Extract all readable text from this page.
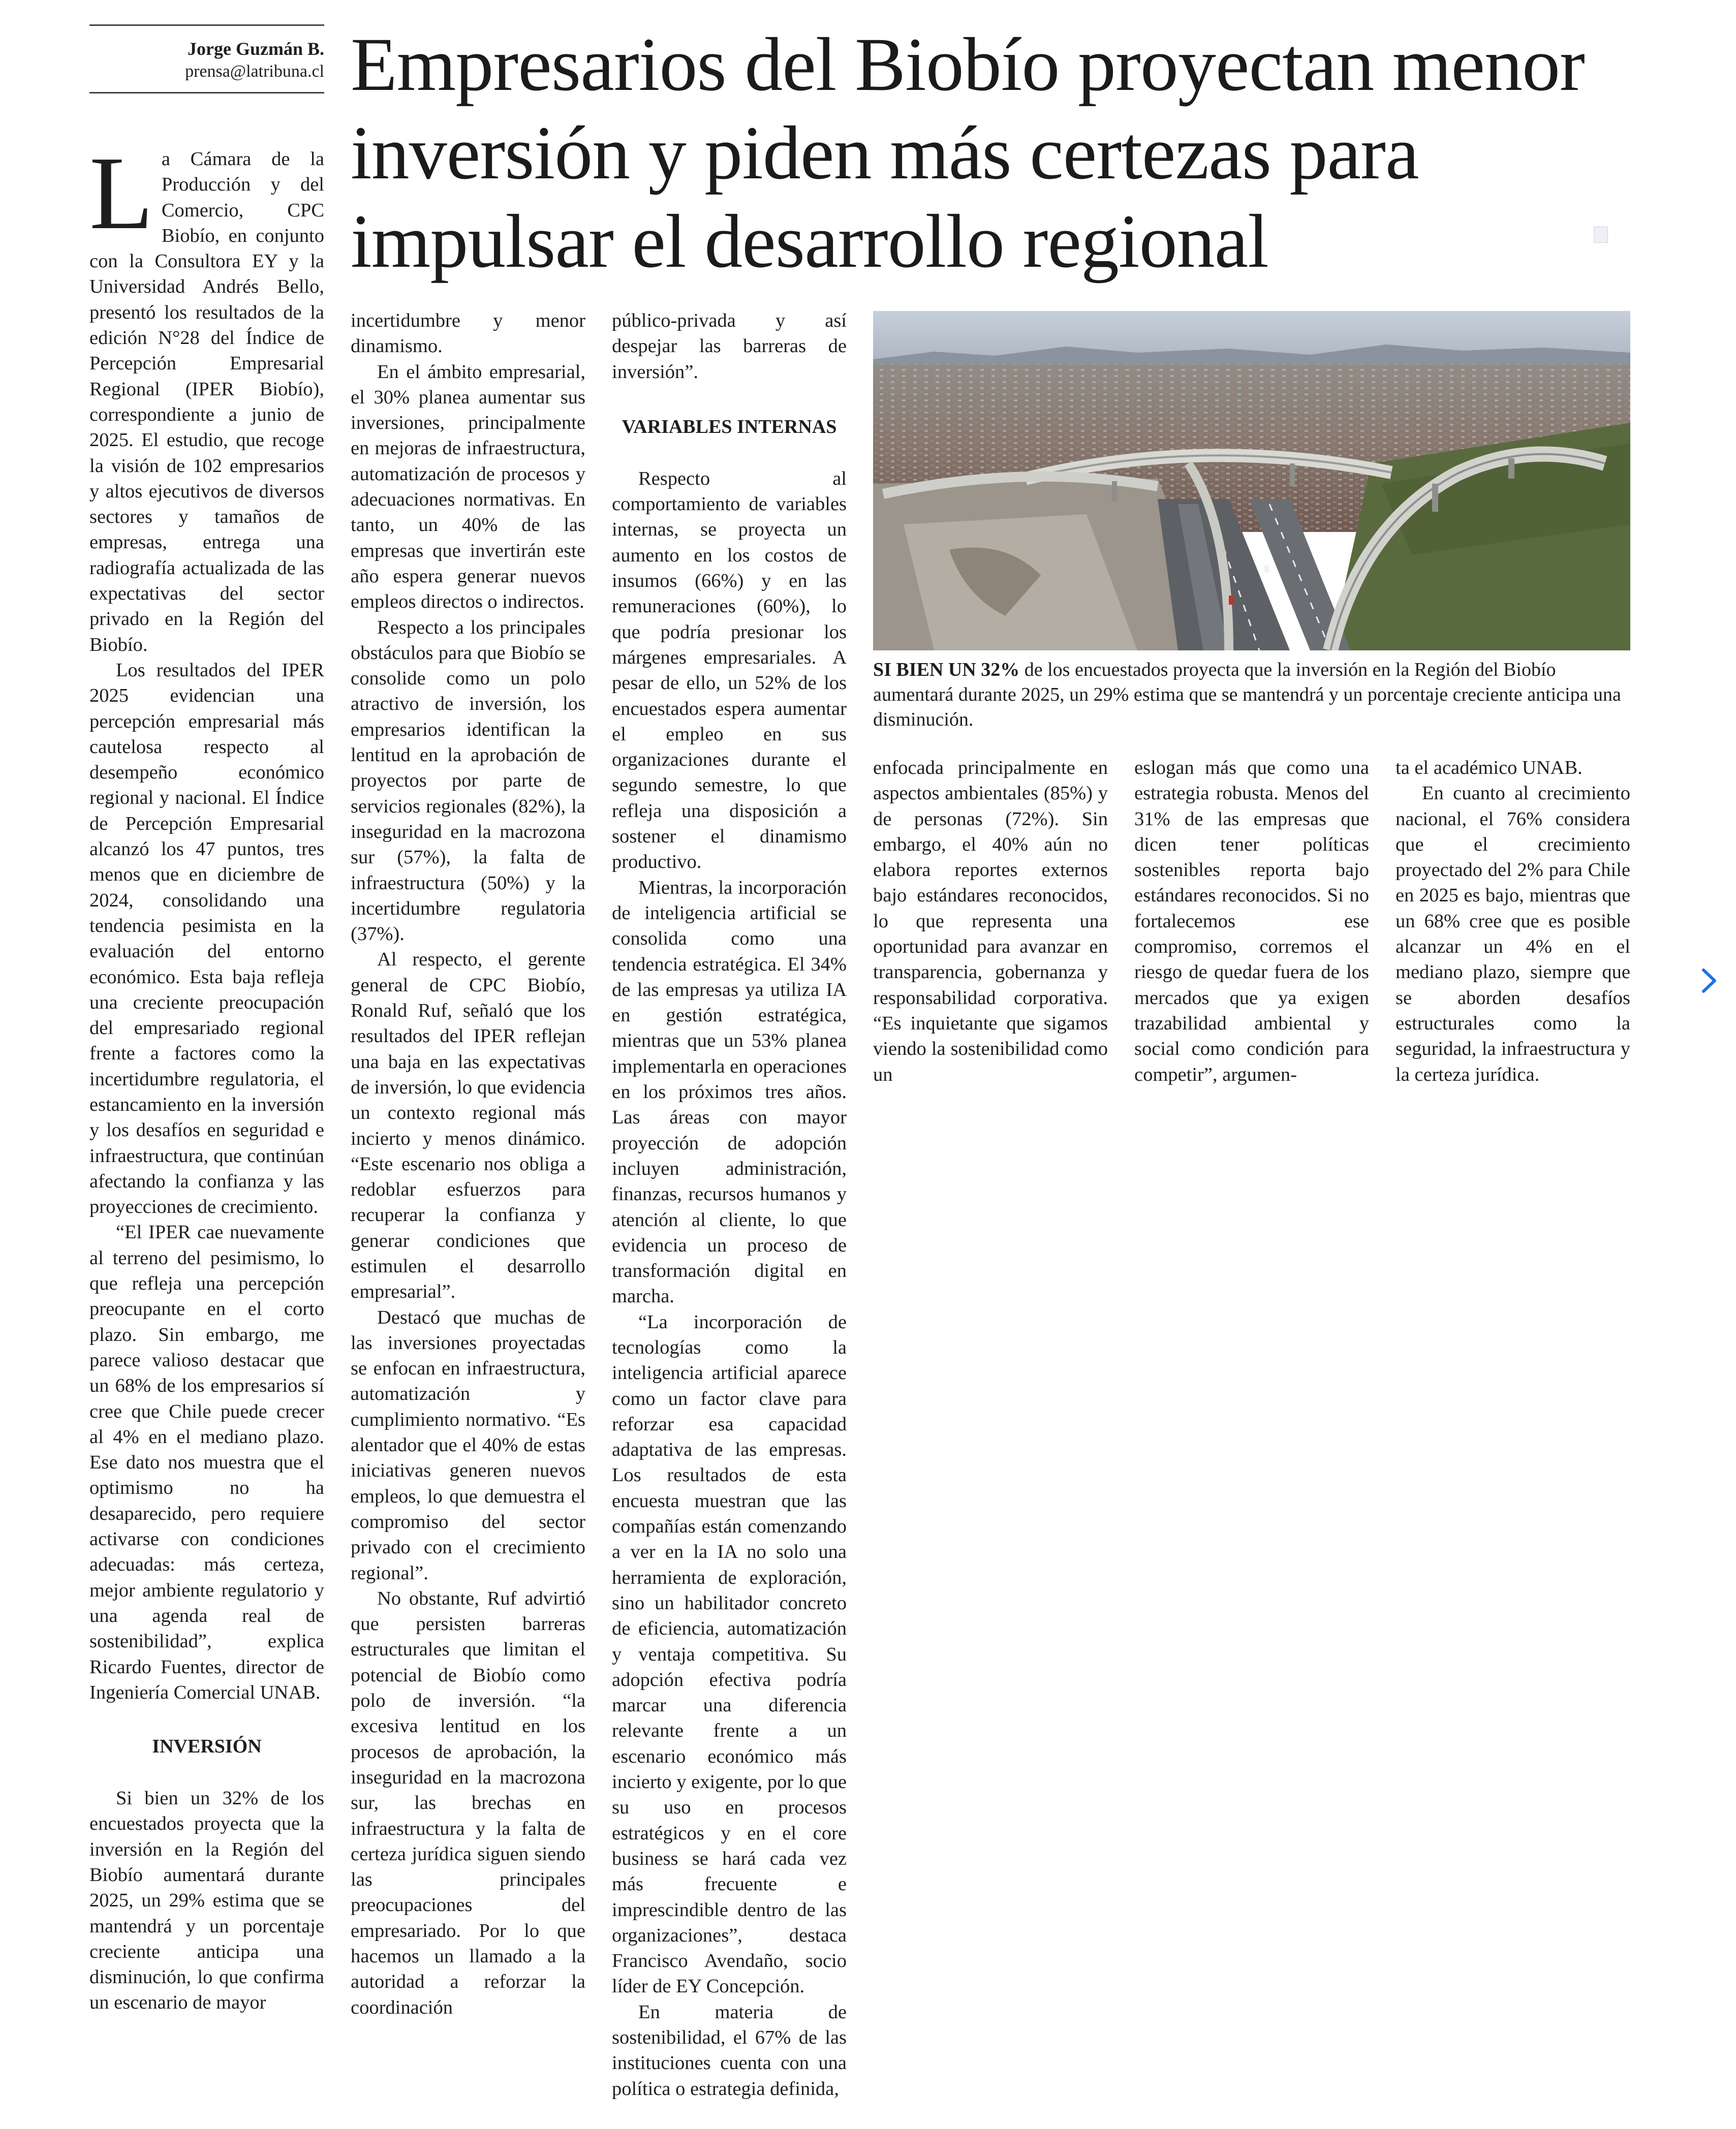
Jorge Guzmán B.
prensa@latribuna.cl Empresarios del Biobío proyectan menor inversión y piden más certezas para impulsar el desarrollo regional
L a Cámara de la Producción y del Comercio, CPC Biobío, en conjunto con la Consultora EY y la Universidad Andrés Bello, presentó los resultados de la edición N°28 del Índice de Percepción Empresarial Regional (IPER Biobío), correspondiente a junio de 2025. El estudio, que recoge la visión de 102 empresarios y altos ejecutivos de diversos sectores y tamaños de empresas, entrega una radiografía actualizada de las expectativas del sector privado en la Región del Biobío.

Los resultados del IPER 2025 evidencian una percepción empresarial más cautelosa respecto al desempeño económico regional y nacional. El Índice de Percepción Empresarial alcanzó los 47 puntos, tres menos que en diciembre de 2024, consolidando una tendencia pesimista en la evaluación del entorno económico. Esta baja refleja una creciente preocupación del empresariado regional frente a factores como la incertidumbre regulatoria, el estancamiento en la inversión y los desafíos en seguridad e infraestructura, que continúan afectando la confianza y las proyecciones de crecimiento.

“El IPER cae nuevamente al terreno del pesimismo, lo que refleja una percepción preocupante en el corto plazo. Sin embargo, me parece valioso destacar que un 68% de los empresarios sí cree que Chile puede crecer al 4% en el mediano plazo. Ese dato nos muestra que el optimismo no ha desaparecido, pero requiere activarse con condiciones adecuadas: más certeza, mejor ambiente regulatorio y una agenda real de sostenibilidad”, explica Ricardo Fuentes, director de Ingeniería Comercial UNAB.

INVERSIÓN

Si bien un 32% de los encuestados proyecta que la inversión en la Región del Biobío aumentará durante 2025, un 29% estima que se mantendrá y un porcentaje creciente anticipa una disminución, lo que confirma un escenario de mayor

incertidumbre y menor dinamismo.

En el ámbito empresarial, el 30% planea aumentar sus inversiones, principalmente en mejoras de infraestructura, automatización de procesos y adecuaciones normativas. En tanto, un 40% de las empresas que invertirán este año espera generar nuevos empleos directos o indirectos.

Respecto a los principales obstáculos para que Biobío se consolide como un polo atractivo de inversión, los empresarios identifican la lentitud en la aprobación de proyectos por parte de servicios regionales (82%), la inseguridad en la macrozona sur (57%), la falta de infraestructura (50%) y la incertidumbre regulatoria (37%).

Al respecto, el gerente general de CPC Biobío, Ronald Ruf, señaló que los resultados del IPER reflejan una baja en las expectativas de inversión, lo que evidencia un contexto regional más incierto y menos dinámico. “Este escenario nos obliga a redoblar esfuerzos para recuperar la confianza y generar condiciones que estimulen el desarrollo empresarial”.

Destacó que muchas de las inversiones proyectadas se enfocan en infraestructura, automatización y cumplimiento normativo. “Es alentador que el 40% de estas iniciativas generen nuevos empleos, lo que demuestra el compromiso del sector privado con el crecimiento regional”.

No obstante, Ruf advirtió que persisten barreras estructurales que limitan el potencial de Biobío como polo de inversión. “la excesiva lentitud en los procesos de aprobación, la inseguridad en la macrozona sur, las brechas en infraestructura y la falta de certeza jurídica siguen siendo las principales preocupaciones del empresariado. Por lo que hacemos un llamado a la autoridad a reforzar la coordinación

público-privada y así despejar las barreras de inversión”.

VARIABLES INTERNAS

Respecto al comportamiento de variables internas, se proyecta un aumento en los costos de insumos (66%) y en las remuneraciones (60%), lo que podría presionar los márgenes empresariales. A pesar de ello, un 52% de los encuestados espera aumentar el empleo en sus organizaciones durante el segundo semestre, lo que refleja una disposición a sostener el dinamismo productivo.

Mientras, la incorporación de inteligencia artificial se consolida como una tendencia estratégica. El 34% de las empresas ya utiliza IA en gestión estratégica, mientras que un 53% planea implementarla en operaciones en los próximos tres años. Las áreas con mayor proyección de adopción incluyen administración, finanzas, recursos humanos y atención al cliente, lo que evidencia un proceso de transformación digital en marcha.

“La incorporación de tecnologías como la inteligencia artificial aparece como un factor clave para reforzar esa capacidad adaptativa de las empresas. Los resultados de esta encuesta muestran que las compañías están comenzando a ver en la IA no solo una herramienta de exploración, sino un habilitador concreto de eficiencia, automatización y ventaja competitiva. Su adopción efectiva podría marcar una diferencia relevante frente a un escenario económico más incierto y exigente, por lo que su uso en procesos estratégicos y en el core business se hará cada vez más frecuente e imprescindible dentro de las organizaciones”, destaca Francisco Avendaño, socio líder de EY Concepción.

En materia de sostenibilidad, el 67% de las instituciones cuenta con una política o estrategia definida,

SI BIEN UN 32% de los encuestados proyecta que la inversión en la Región del Biobío aumentará durante 2025, un 29% estima que se mantendrá y un porcentaje creciente anticipa una disminución.

enfocada principalmente en aspectos ambientales (85%) y de personas (72%). Sin embargo, el 40% aún no elabora reportes externos bajo estándares reconocidos, lo que representa una oportunidad para avanzar en transparencia, gobernanza y responsabilidad corporativa. “Es inquietante que sigamos viendo la sostenibilidad como un

eslogan más que como una estrategia robusta. Menos del 31% de las empresas que dicen tener políticas sostenibles reporta bajo estándares reconocidos. Si no fortalecemos ese compromiso, corremos el riesgo de quedar fuera de los mercados que ya exigen trazabilidad ambiental y social como condición para competir”, argumen-

ta el académico UNAB.

En cuanto al crecimiento nacional, el 76% considera que el crecimiento proyectado del 2% para Chile en 2025 es bajo, mientras que un 68% cree que es posible alcanzar un 4% en el mediano plazo, siempre que se aborden desafíos estructurales como la seguridad, la infraestructura y la certeza jurídica.
